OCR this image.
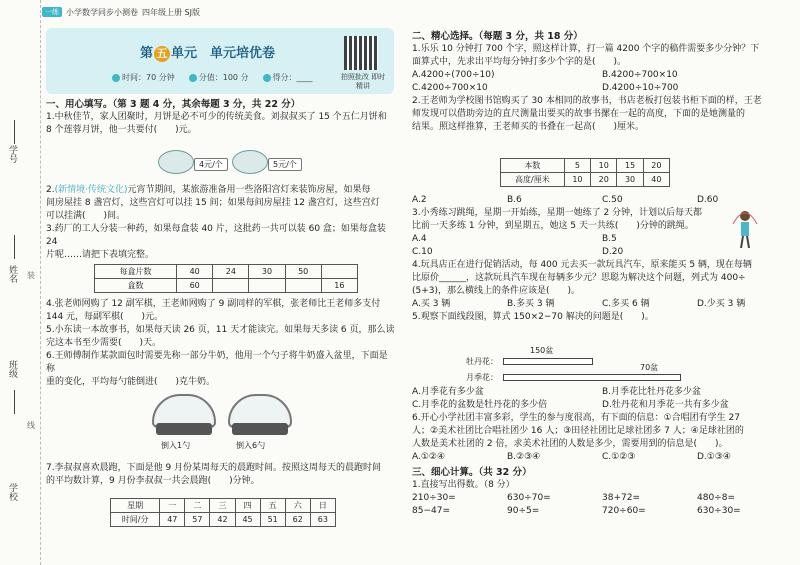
学号
姓名
班级
学校
装
线
一练 小学数学同步小测卷 四年级上册 SJ版
第 五 单元　单元培优卷
时间：70 分钟	分值：100 分	得分：____	拍照批改 即时精讲

一、用心填写。（第 3 题 4 分，其余每题 3 分，共 22 分）

1.中秋佳节，家人团聚时，月饼是必不可少的传统美食。刘叔叔买了 15 个五仁月饼和

8 个莲蓉月饼，他一共要付(　　)元。

4元/个	5元/个

2.(新情境·传统文化)元宵节期间，某旅游准备用一些洛阳宫灯来装饰房屋，如果每

间房屋挂 8 盏宫灯，这些宫灯可以挂 15 间；如果每间房屋挂 12 盏宫灯，这些宫灯

可以挂满(　　)间。

3.药厂的工人分装一种药，如果每盒装 40 片，这批药一共可以装 60 盒；如果每盒装 24

片呢……请把下表填完整。

每盒片数	40	24	30	50	
盒数	60				16

4.张老师网购了 12 副军棋，王老师网购了 9 副同样的军棋，张老师比王老师多支付

144 元，每副军棋(　　)元。

5.小东读一本故事书，如果每天读 26 页，11 天才能读完。如果每天多读 6 页，那么读

完这本书至少需要(　　)天。

6.王师傅制作某款面包时需要先称一部分牛奶，他用一个勺子将牛奶盛入盆里，下面是称

重的变化，平均每勺能倒进(　　)克牛奶。

倒入1勺	倒入6勺

7.李叔叔喜欢晨跑，下面是他 9 月份某周每天的晨跑时间。按照这周每天的晨跑时间

的平均数计算，9 月份李叔叔一共会晨跑(　　)分钟。

星期	一	二	三	四	五	六	日
时间/分	47	57	42	45	51	62	63

二、精心选择。（每题 3 分，共 18 分）

1.乐乐 10 分钟打 700 个字，照这样计算，打一篇 4200 个字的稿件需要多少分钟？下

面算式中，先求出平均每分钟打多少个字的是(　　)。

A.4200÷(700÷10)	B.4200÷700×10
C.4200÷700×10	D.4200÷10÷700

2.王老师为学校图书馆购买了 30 本相同的故事书，书店老板打包装书柜下面的样，王老

师发现可以借助旁边的直尺测量出要买的故事书摞在一起的高度，下面的是她测量的

结果。照这样推算，王老师买的书叠在一起高(　　)厘米。

本数	5	10	15	20
高度/厘米	10	20	30	40
A.2	B.6	C.50	D.60

3.小秀练习跳绳，星期一开始练，星期一她练了 2 分钟，计划以后每天都

比前一天多练 1 分钟，到星期五，她这 5 天一共练(　　)分钟的跳绳。

A.4	B.5
C.10	D.20

4.玩具店正在进行促销活动，每 400 元去买一款玩具汽车，原来能买 5 辆，现在每辆

比原价______，这款玩具汽车现在每辆多少元？思聪为解决这个问题，列式为 400÷

(5+3)，那么横线上的条件应该是(　　)。

A.买 3 辆	B.多买 3 辆	C.多买 6 辆	D.少买 3 辆

5.观察下面线段图，算式 150×2−70 解决的问题是(　　)。

牡丹花：
150盆
月季花：
70盆
A.月季花有多少盆	B.月季花比牡丹花多少盆
C.月季花的盆数是牡丹花的多少倍	D.牡丹花和月季花一共有多少盆

6.开心小学社团丰富多彩，学生的参与度很高，有下面的信息：①合唱团有学生 27

人；②美术社团比合唱社团少 16 人；③田径社团比足球社团多 7 人；④足球社团的

人数是美术社团的 2 倍，求美术社团的人数是多少，需要用到的信息是(　　)。

A.①②④	B.②③④	C.①②③	D.①③④

三、细心计算。（共 32 分）

1.直接写出得数。（8 分）

210÷30=	630÷70=	38+72=	480÷8=
85−47=	90÷5=	720÷60=	630÷30=
